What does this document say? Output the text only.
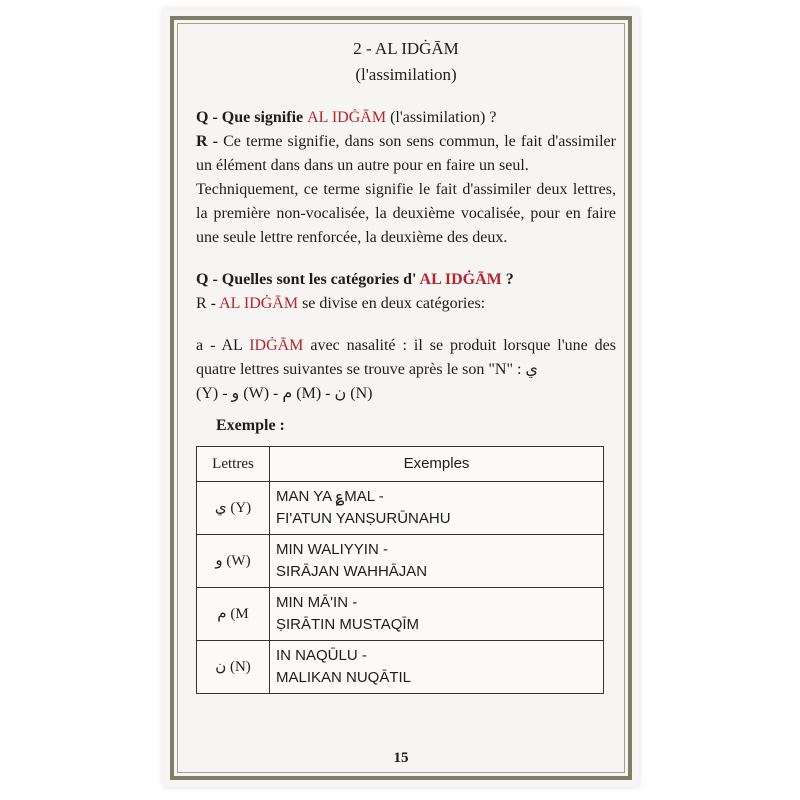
2 - AL IDĠĀM
(l'assimilation)

Q - Que signifie AL IDĠĀM (l'assimilation) ?

R - Ce terme signifie, dans son sens commun, le fait d'assimiler un élément dans dans un autre pour en faire un seul.

Techniquement, ce terme signifie le fait d'assimiler deux lettres, la première non-vocalisée, la deuxième vocalisée, pour en faire une seule lettre renforcée, la deuxième des deux.

Q - Quelles sont les catégories d' AL IDĠĀM ?

R - AL IDĠĀM se divise en deux catégories:

a - AL IDĠĀM avec nasalité : il se produit lorsque l'une des quatre lettres suivantes se trouve après le son "N" : ي

(Y) - و (W) - م (M) - ن (N)

Exemple :
Lettres	Exemples
ي (Y)	MAN YA ؏MAL -
FI'ATUN YANṢURŪNAHU

و (W)	MIN WALIYYIN -
SIRĀJAN WAHHĀJAN

م (M	MIN MĀ'IN -
ṢIRĀTIN MUSTAQĪM

ن (N)	IN NAQŪLU -
MALIKAN NUQĀTIL
15
